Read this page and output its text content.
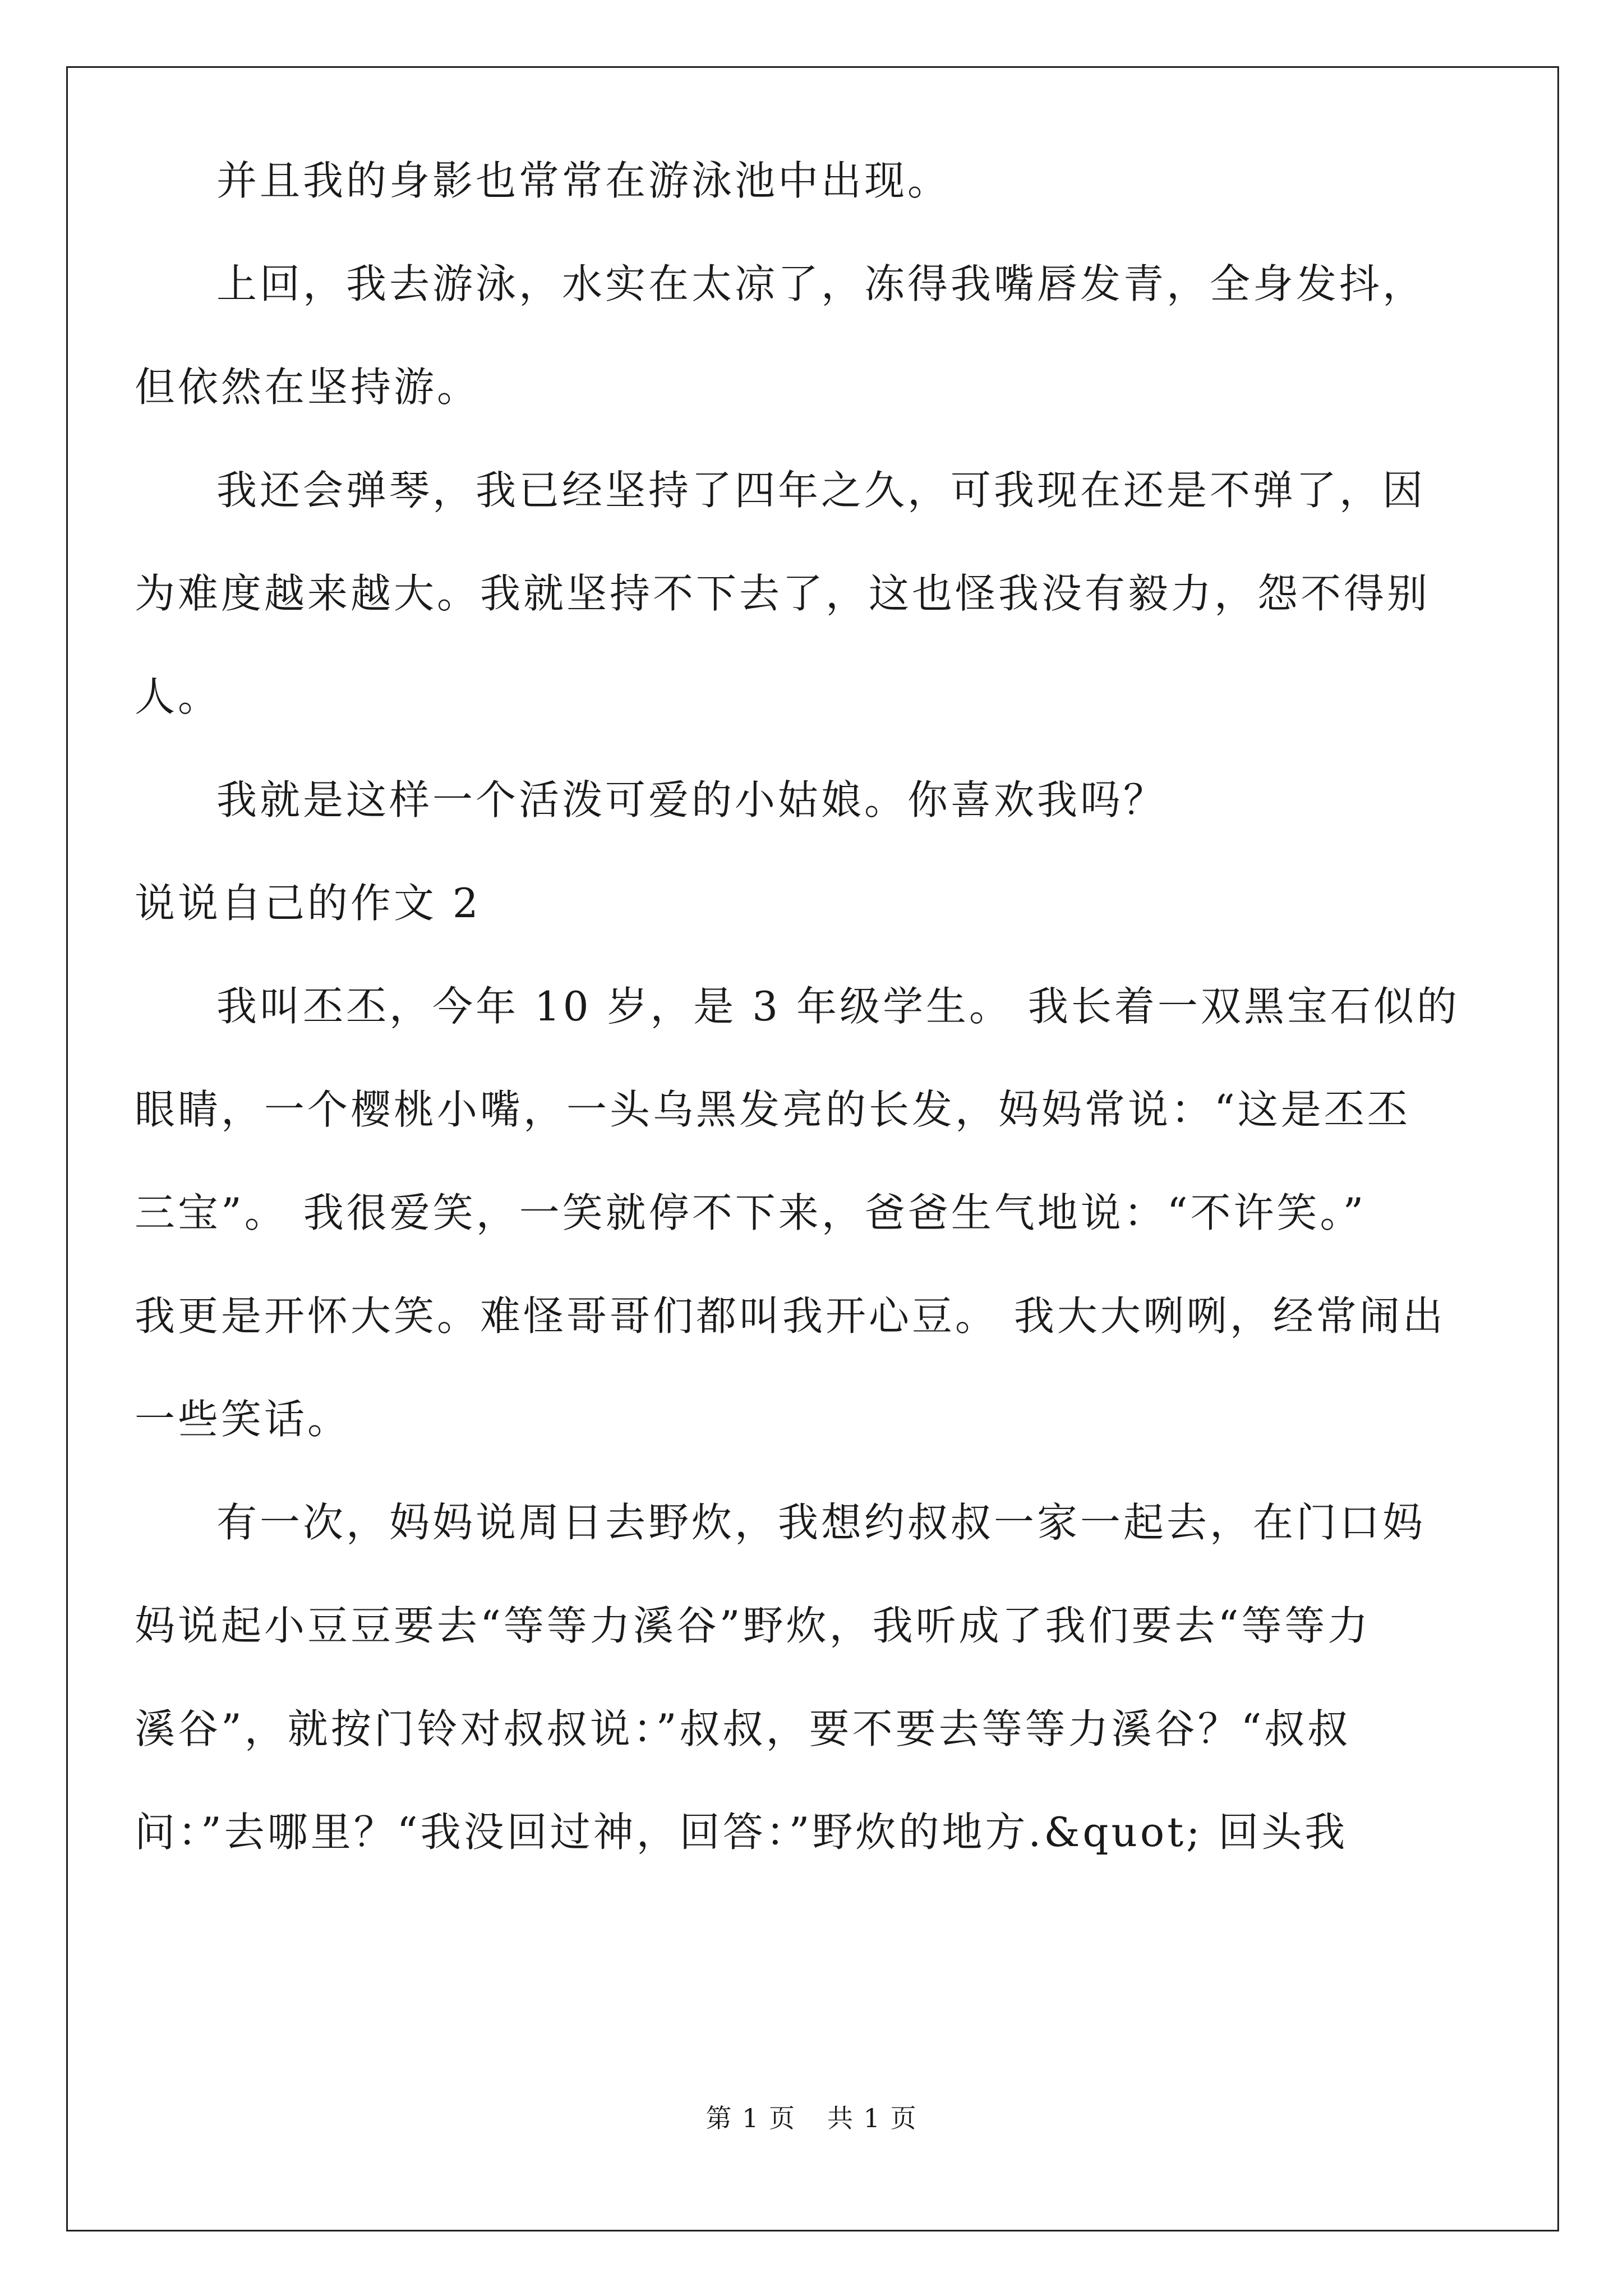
并且我的身影也常常在游泳池中出现。
上回，我去游泳，水实在太凉了，冻得我嘴唇发青，全身发抖，
但依然在坚持游。
我还会弹琴，我已经坚持了四年之久，可我现在还是不弹了，因
为难度越来越大。我就坚持不下去了，这也怪我没有毅力，怨不得别
人。
我就是这样一个活泼可爱的小姑娘。你喜欢我吗？
说说自己的作文 2
我叫丕丕，今年 10 岁，是 3 年级学生。 我长着一双黑宝石似的
眼睛，一个樱桃小嘴，一头乌黑发亮的长发，妈妈常说：“这是丕丕
三宝”。 我很爱笑，一笑就停不下来，爸爸生气地说：“不许笑。”
我更是开怀大笑。难怪哥哥们都叫我开心豆。 我大大咧咧，经常闹出
一些笑话。
有一次，妈妈说周日去野炊，我想约叔叔一家一起去，在门口妈
妈说起小豆豆要去“等等力溪谷”野炊，我听成了我们要去“等等力
溪谷”，就按门铃对叔叔说：”叔叔，要不要去等等力溪谷？“叔叔
问：”去哪里？“我没回过神，回答：”野炊的地方.&quot; 回头我
第 1 页 共 1 页
